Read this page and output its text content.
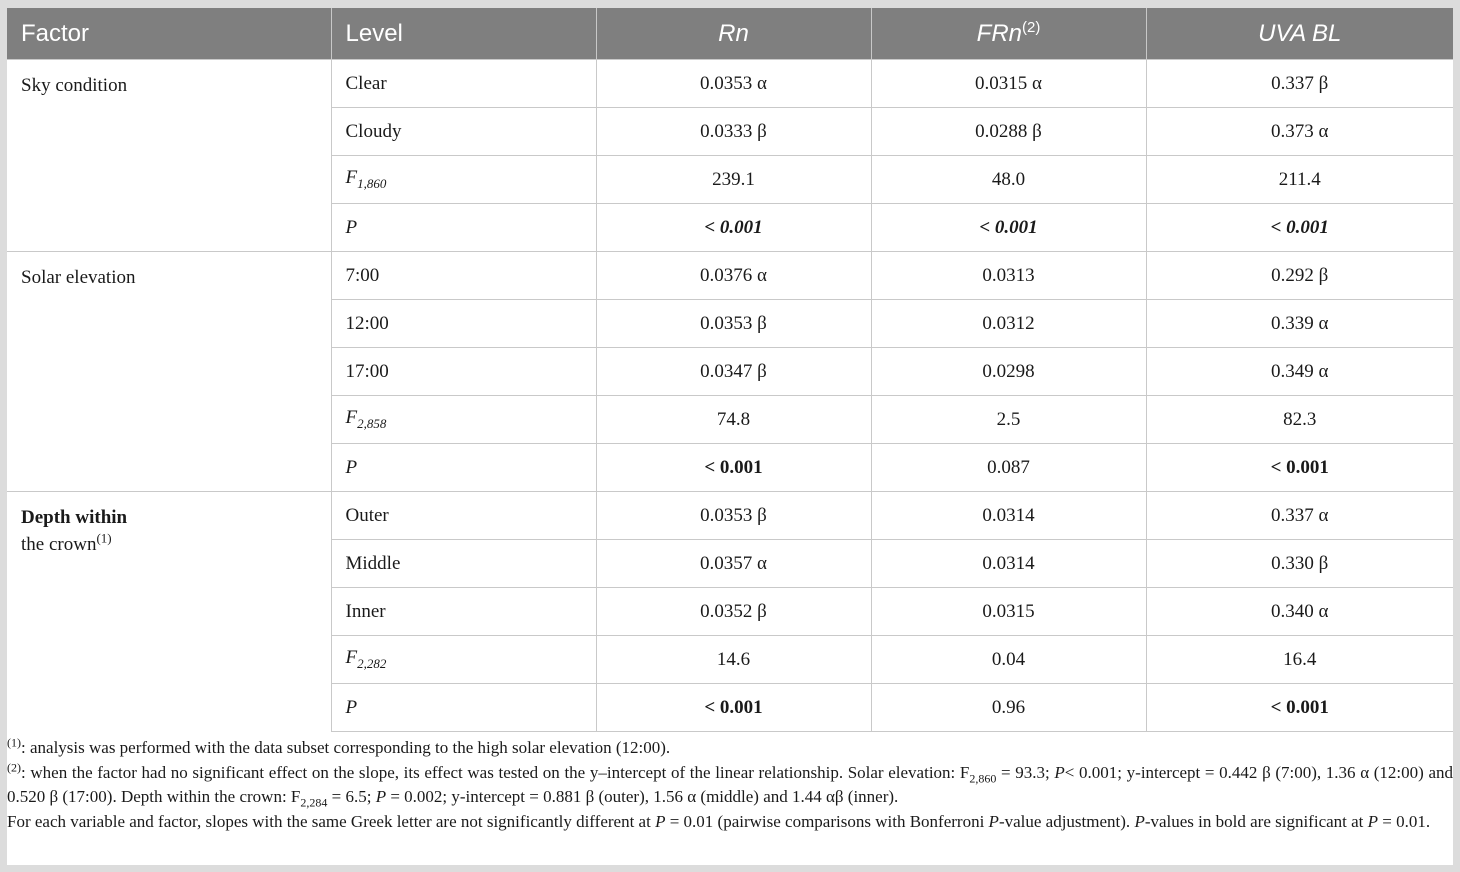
Factor	Level	Rn	FRn$^{(2)}$	UVA BL
Sky condition	Clear	0.0353 α	0.0315 α	0.337 β
	Cloudy	0.0333 β	0.0288 β	0.373 α
	$F_{1,860}$	239.1	48.0	211.4
	P	< 0.001	< 0.001	< 0.001
Solar elevation	7:00	0.0376 α	0.0313	0.292 β
	12:00	0.0353 β	0.0312	0.339 α
	17:00	0.0347 β	0.0298	0.349 α
	$F_{2,858}$	74.8	2.5	82.3
	P	< 0.001	0.087	< 0.001
Depth within
the crown$^{(1)}$	Outer	0.0353 β	0.0314	0.337 α
	Middle	0.0357 α	0.0314	0.330 β
	Inner	0.0352 β	0.0315	0.340 α
	$F_{2,282}$	14.6	0.04	16.4
	P	< 0.001	0.96	< 0.001

$^{(1)}$: analysis was performed with the data subset corresponding to the high solar elevation (12:00).

$^{(2)}$: when the factor had no significant effect on the slope, its effect was tested on the y–intercept of the linear relationship. Solar elevation: $F_{2,860} = 93.3$; P< 0.001; y-intercept = 0.442 β (7:00), 1.36 α (12:00) and 0.520 β (17:00). Depth within the crown: $F_{2,284} = 6.5$; P = 0.002; y-intercept = 0.881 β (outer), 1.56 α (middle) and 1.44 αβ (inner).

For each variable and factor, slopes with the same Greek letter are not significantly different at P = 0.01 (pairwise comparisons with Bonferroni P-value adjustment). P-values in bold are significant at P = 0.01.
